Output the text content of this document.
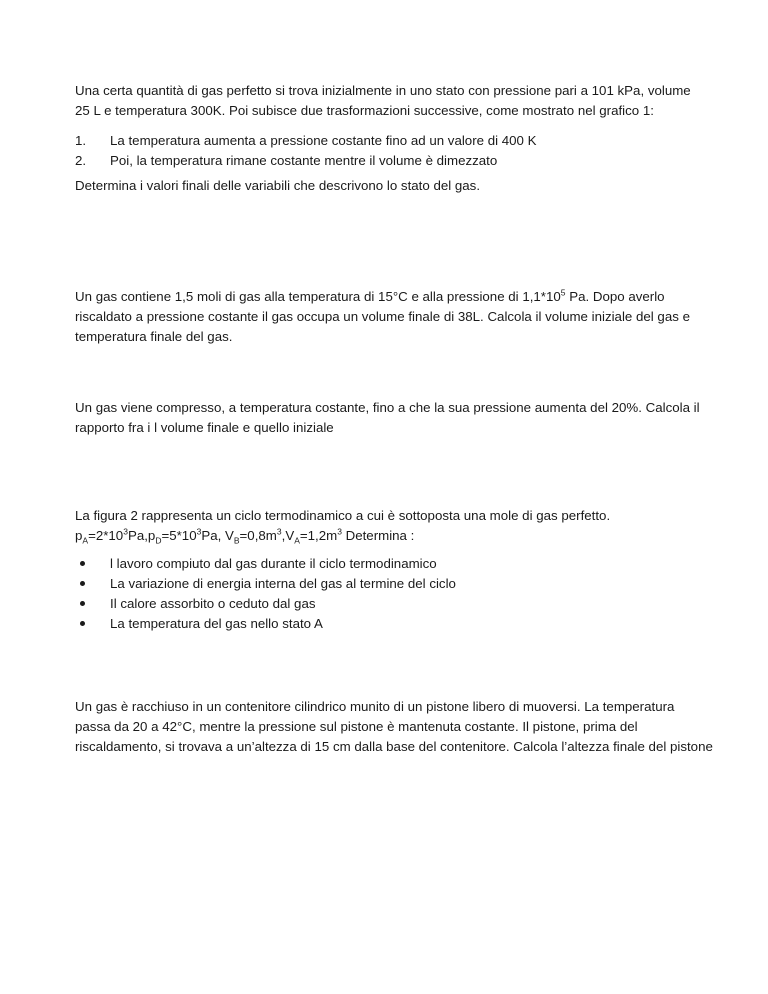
Una certa quantità di gas perfetto si trova inizialmente in uno stato con pressione pari a 101 kPa, volume
25 L e temperatura 300K. Poi subisce due trasformazioni successive, come mostrato nel grafico 1:

1. La temperatura aumenta a pressione costante fino ad un valore di 400 K
2. Poi, la temperatura rimane costante mentre il volume è dimezzato

Determina i valori finali delle variabili che descrivono lo stato del gas.

Un gas contiene 1,5 moli di gas alla temperatura di 15°C e alla pressione di $1,1*10^5$ Pa. Dopo averlo
riscaldato a pressione costante il gas occupa un volume finale di 38L. Calcola il volume iniziale del gas e
temperatura finale del gas.

Un gas viene compresso, a temperatura costante, fino a che la sua pressione aumenta del 20%. Calcola il
rapporto fra i l volume finale e quello iniziale

La figura 2 rappresenta un ciclo termodinamico a cui è sottoposta una mole di gas perfetto.
$p_A=2*10^3Pa,p_D=5*10^3Pa$, $V_B=0,8m^3,V_A=1,2m^3$ Determina :

l lavoro compiuto dal gas durante il ciclo termodinamico
La variazione di energia interna del gas al termine del ciclo
Il calore assorbito o ceduto dal gas
La temperatura del gas nello stato A

Un gas è racchiuso in un contenitore cilindrico munito di un pistone libero di muoversi. La temperatura
passa da 20 a 42°C, mentre la pressione sul pistone è mantenuta costante. Il pistone, prima del
riscaldamento, si trovava a un’altezza di 15 cm dalla base del contenitore. Calcola l’altezza finale del pistone
